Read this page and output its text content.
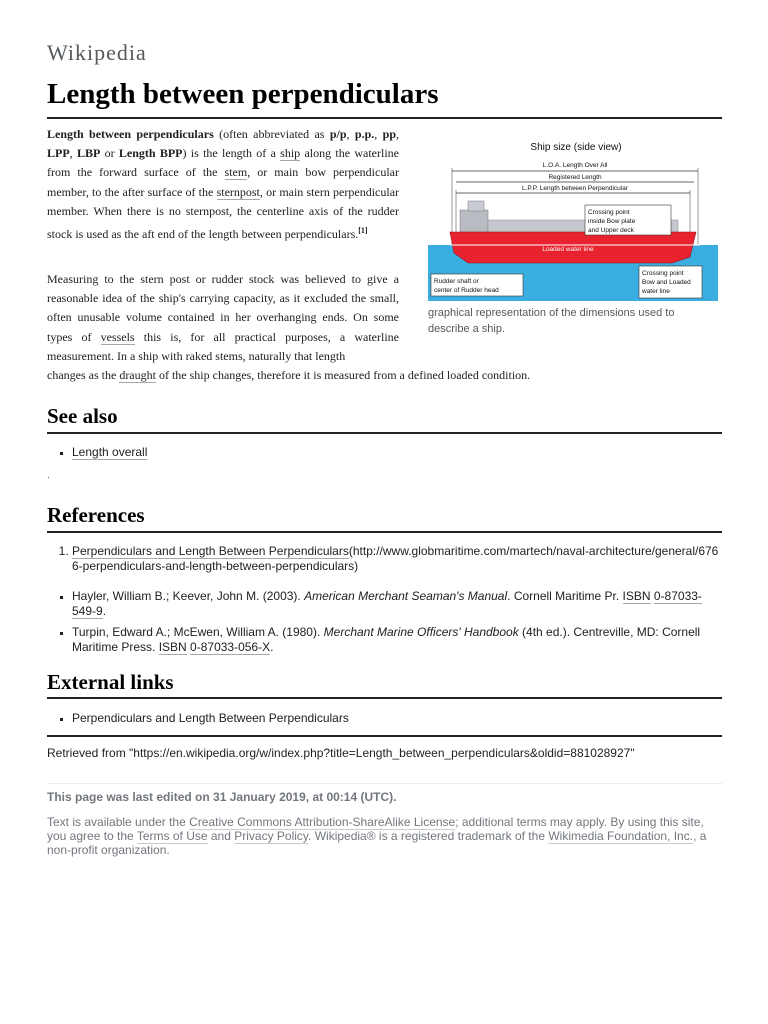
Wikipedia
Length between perpendiculars

Length between perpendiculars (often abbreviated as p/p, p.p., pp, LPP, LBP or Length BPP) is the length of a ship along the waterline from the forward surface of the stem, or main bow perpendicular member, to the after surface of the sternpost, or main stern perpendicular member. When there is no sternpost, the centerline axis of the rudder stock is used as the aft end of the length between perpendiculars.[1]

Measuring to the stern post or rudder stock was believed to give a reasonable idea of the ship's carrying capacity, as it excluded the small, often unusable volume contained in her overhanging ends. On some types of vessels this is, for all practical purposes, a waterline measurement. In a ship with raked stems, naturally that length

changes as the draught of the ship changes, therefore it is measured from a defined loaded condition.

Ship size (side view)
L.O.A. Length Over All
Registered Length
L.P.P. Length between Perpendicular
Loaded water line
Crossing point
inside Bow plate
and Upper deck
Rudder shaft or
center of Rudder head
Crossing point
Bow and Loaded
water line
graphical representation of the dimensions used to describe a ship.
See also
▪ Length overall
.
References
1. Perpendiculars and Length Between Perpendiculars(http://www.globmaritime.com/martech/naval-architecture/general/6766-perpendiculars-and-length-between-perpendiculars)
▪ Hayler, William B.; Keever, John M. (2003). American Merchant Seaman's Manual. Cornell Maritime Pr. ISBN 0-87033-549-9.
▪ Turpin, Edward A.; McEwen, William A. (1980). Merchant Marine Officers' Handbook (4th ed.). Centreville, MD: Cornell Maritime Press. ISBN 0-87033-056-X.
External links
▪ Perpendiculars and Length Between Perpendiculars
Retrieved from "https://en.wikipedia.org/w/index.php?title=Length_between_perpendiculars&oldid=881028927"
This page was last edited on 31 January 2019, at 00:14 (UTC).
Text is available under the Creative Commons Attribution-ShareAlike License; additional terms may apply. By using this site, you agree to the Terms of Use and Privacy Policy. Wikipedia® is a registered trademark of the Wikimedia Foundation, Inc., a non-profit organization.
